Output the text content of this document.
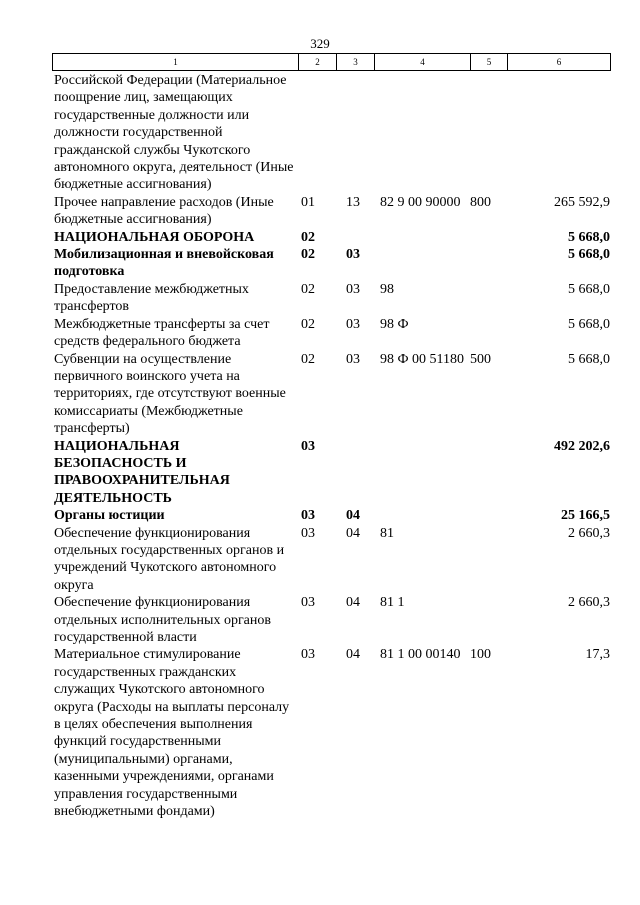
329
1	2	3	4	5	6
Российской Федерации (Материальное поощрение лиц, замещающих государственные должности или должности государственной гражданской службы Чукотского автономного округа, деятельност (Иные бюджетные ассигнования)					
Прочее направление расходов (Иные бюджетные ассигнования)	01	13	82 9 00 90000	800	265 592,9
НАЦИОНАЛЬНАЯ ОБОРОНА	02				5 668,0
Мобилизационная и вневойсковая подготовка	02	03			5 668,0
Предоставление межбюджетных трансфертов	02	03	98		5 668,0
Межбюджетные трансферты за счет средств федерального бюджета	02	03	98 Ф		5 668,0
Субвенции на осуществление первичного воинского учета на территориях, где отсутствуют военные комиссариаты (Межбюджетные трансферты)	02	03	98 Ф 00 51180	500	5 668,0
НАЦИОНАЛЬНАЯ БЕЗОПАСНОСТЬ И ПРАВООХРАНИТЕЛЬНАЯ ДЕЯТЕЛЬНОСТЬ	03				492 202,6
Органы юстиции	03	04			25 166,5
Обеспечение функционирования отдельных государственных органов и учреждений Чукотского автономного округа	03	04	81		2 660,3
Обеспечение функционирования отдельных исполнительных органов государственной власти	03	04	81 1		2 660,3
Материальное стимулирование государственных гражданских служащих Чукотского автономного округа (Расходы на выплаты персоналу в целях обеспечения выполнения функций государственными (муниципальными) органами, казенными учреждениями, органами управления государственными внебюджетными фондами)	03	04	81 1 00 00140	100	17,3
